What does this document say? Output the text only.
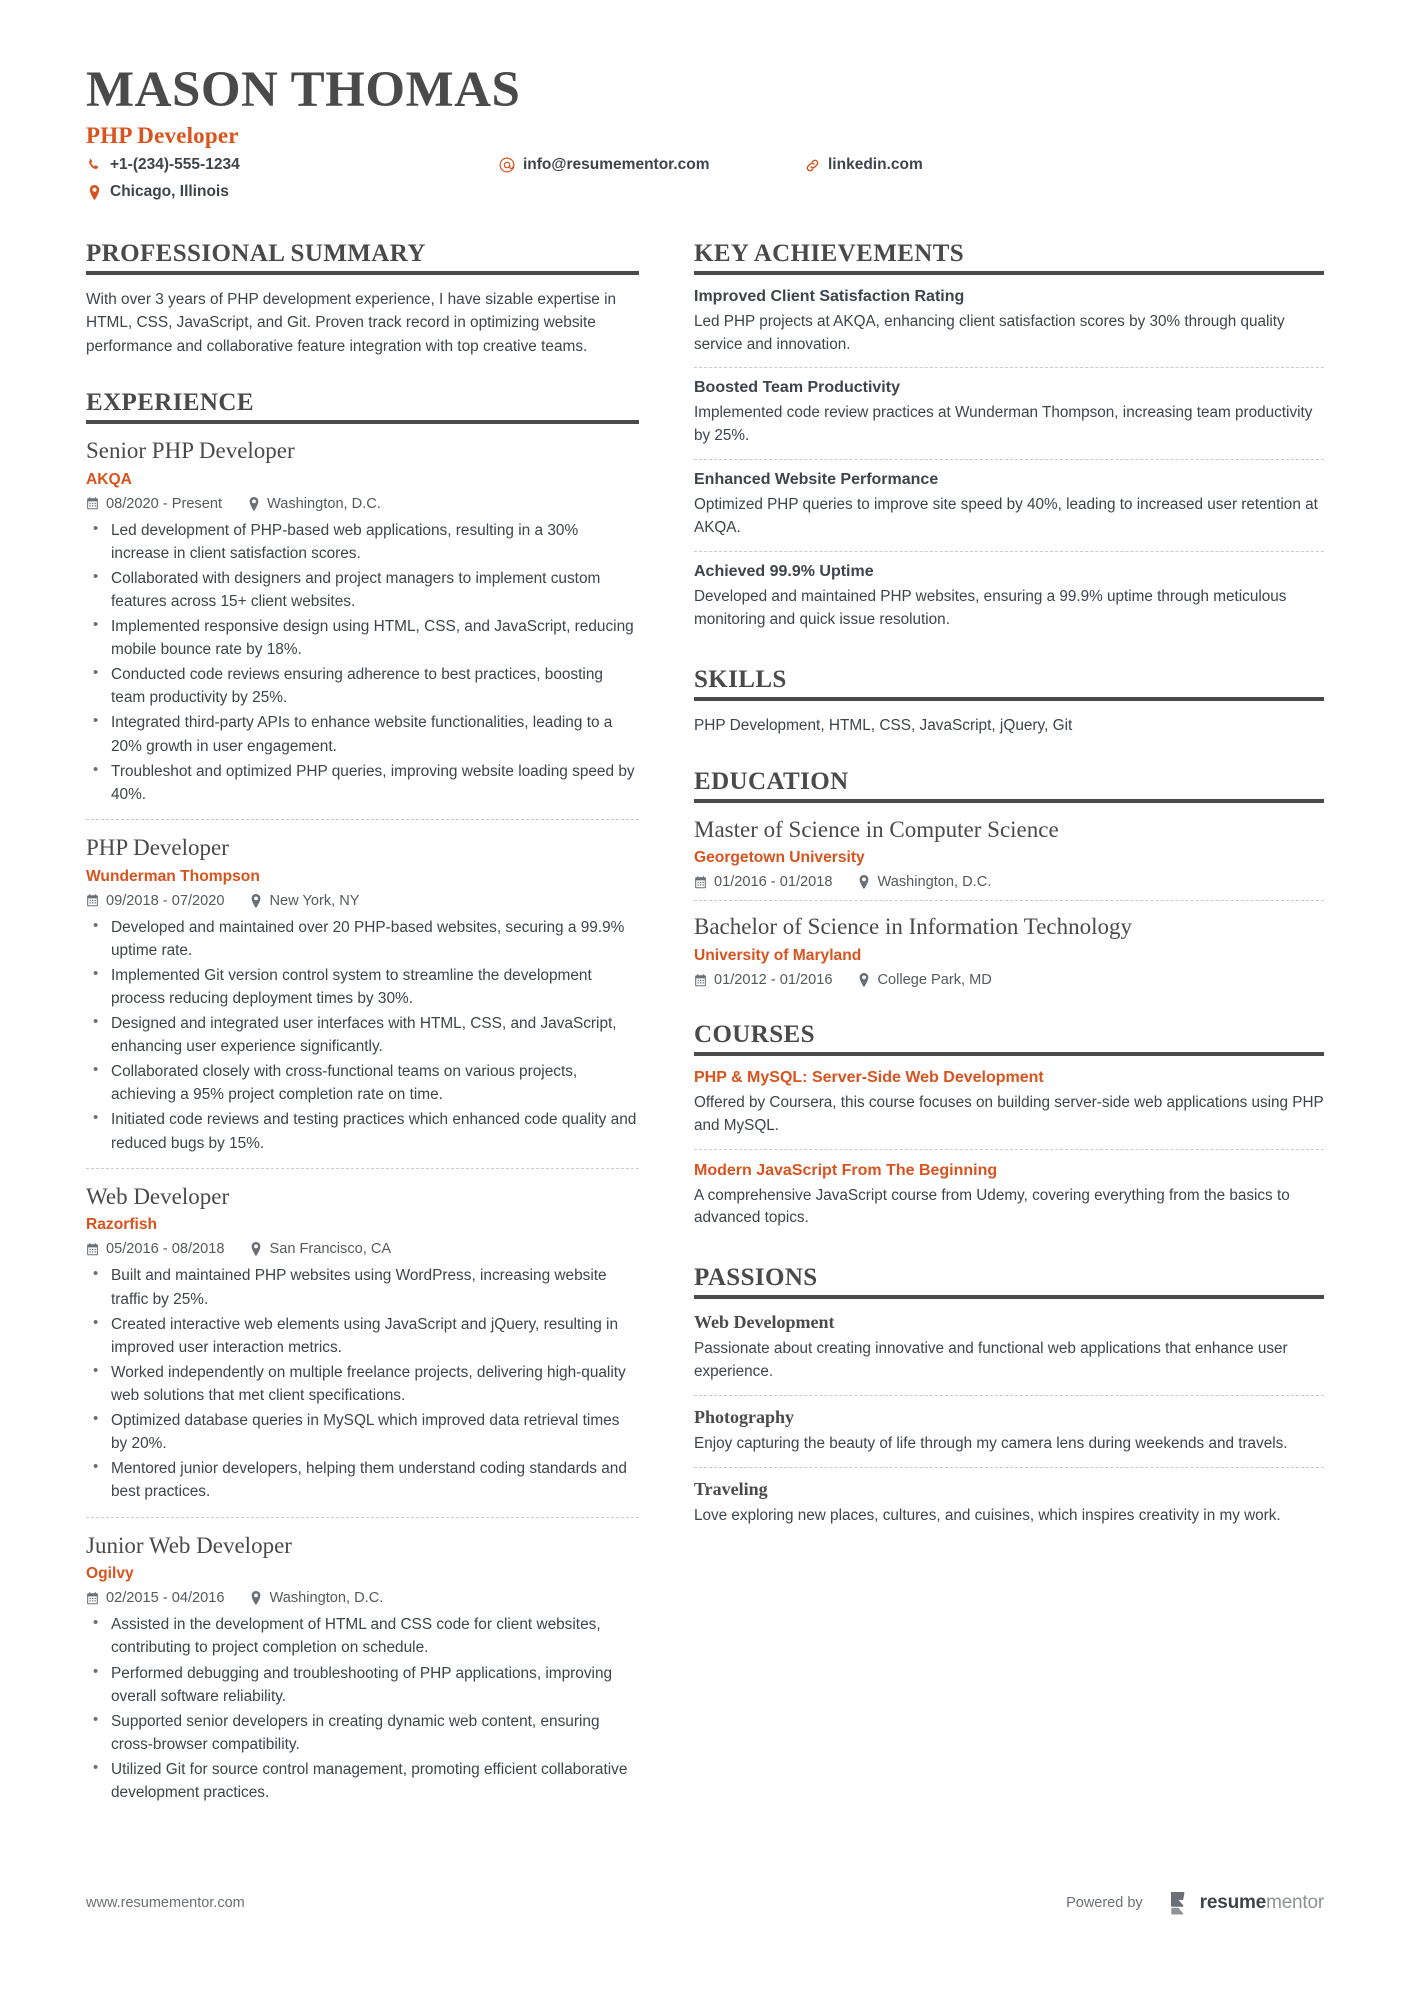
MASON THOMAS
PHP Developer
+1-(234)-555-1234
Chicago, Illinois
info@resumementor.com	linkedin.com
PROFESSIONAL SUMMARY
With over 3 years of PHP development experience, I have sizable expertise in HTML, CSS, JavaScript, and Git. Proven track record in optimizing website performance and collaborative feature integration with top creative teams.
EXPERIENCE
Senior PHP Developer
AKQA
08/2020 - Present	Washington, D.C.
• Led development of PHP-based web applications, resulting in a 30% increase in client satisfaction scores.
• Collaborated with designers and project managers to implement custom features across 15+ client websites.
• Implemented responsive design using HTML, CSS, and JavaScript, reducing mobile bounce rate by 18%.
• Conducted code reviews ensuring adherence to best practices, boosting team productivity by 25%.
• Integrated third-party APIs to enhance website functionalities, leading to a 20% growth in user engagement.
• Troubleshot and optimized PHP queries, improving website loading speed by 40%.
PHP Developer
Wunderman Thompson
09/2018 - 07/2020	New York, NY
• Developed and maintained over 20 PHP-based websites, securing a 99.9% uptime rate.
• Implemented Git version control system to streamline the development process reducing deployment times by 30%.
• Designed and integrated user interfaces with HTML, CSS, and JavaScript, enhancing user experience significantly.
• Collaborated closely with cross-functional teams on various projects, achieving a 95% project completion rate on time.
• Initiated code reviews and testing practices which enhanced code quality and reduced bugs by 15%.
Web Developer
Razorfish
05/2016 - 08/2018	San Francisco, CA
• Built and maintained PHP websites using WordPress, increasing website traffic by 25%.
• Created interactive web elements using JavaScript and jQuery, resulting in improved user interaction metrics.
• Worked independently on multiple freelance projects, delivering high-quality web solutions that met client specifications.
• Optimized database queries in MySQL which improved data retrieval times by 20%.
• Mentored junior developers, helping them understand coding standards and best practices.
Junior Web Developer
Ogilvy
02/2015 - 04/2016	Washington, D.C.
• Assisted in the development of HTML and CSS code for client websites, contributing to project completion on schedule.
• Performed debugging and troubleshooting of PHP applications, improving overall software reliability.
• Supported senior developers in creating dynamic web content, ensuring cross-browser compatibility.
• Utilized Git for source control management, promoting efficient collaborative development practices.
KEY ACHIEVEMENTS
Improved Client Satisfaction Rating
Led PHP projects at AKQA, enhancing client satisfaction scores by 30% through quality service and innovation.
Boosted Team Productivity
Implemented code review practices at Wunderman Thompson, increasing team productivity by 25%.
Enhanced Website Performance
Optimized PHP queries to improve site speed by 40%, leading to increased user retention at AKQA.
Achieved 99.9% Uptime
Developed and maintained PHP websites, ensuring a 99.9% uptime through meticulous monitoring and quick issue resolution.
SKILLS
PHP Development, HTML, CSS, JavaScript, jQuery, Git
EDUCATION
Master of Science in Computer Science
Georgetown University
01/2016 - 01/2018	Washington, D.C.
Bachelor of Science in Information Technology
University of Maryland
01/2012 - 01/2016	College Park, MD
COURSES
PHP & MySQL: Server-Side Web Development
Offered by Coursera, this course focuses on building server-side web applications using PHP and MySQL.
Modern JavaScript From The Beginning
A comprehensive JavaScript course from Udemy, covering everything from the basics to advanced topics.
PASSIONS
Web Development
Passionate about creating innovative and functional web applications that enhance user experience.
Photography
Enjoy capturing the beauty of life through my camera lens during weekends and travels.
Traveling
Love exploring new places, cultures, and cuisines, which inspires creativity in my work.
www.resumementor.com	Powered by	resumementor
